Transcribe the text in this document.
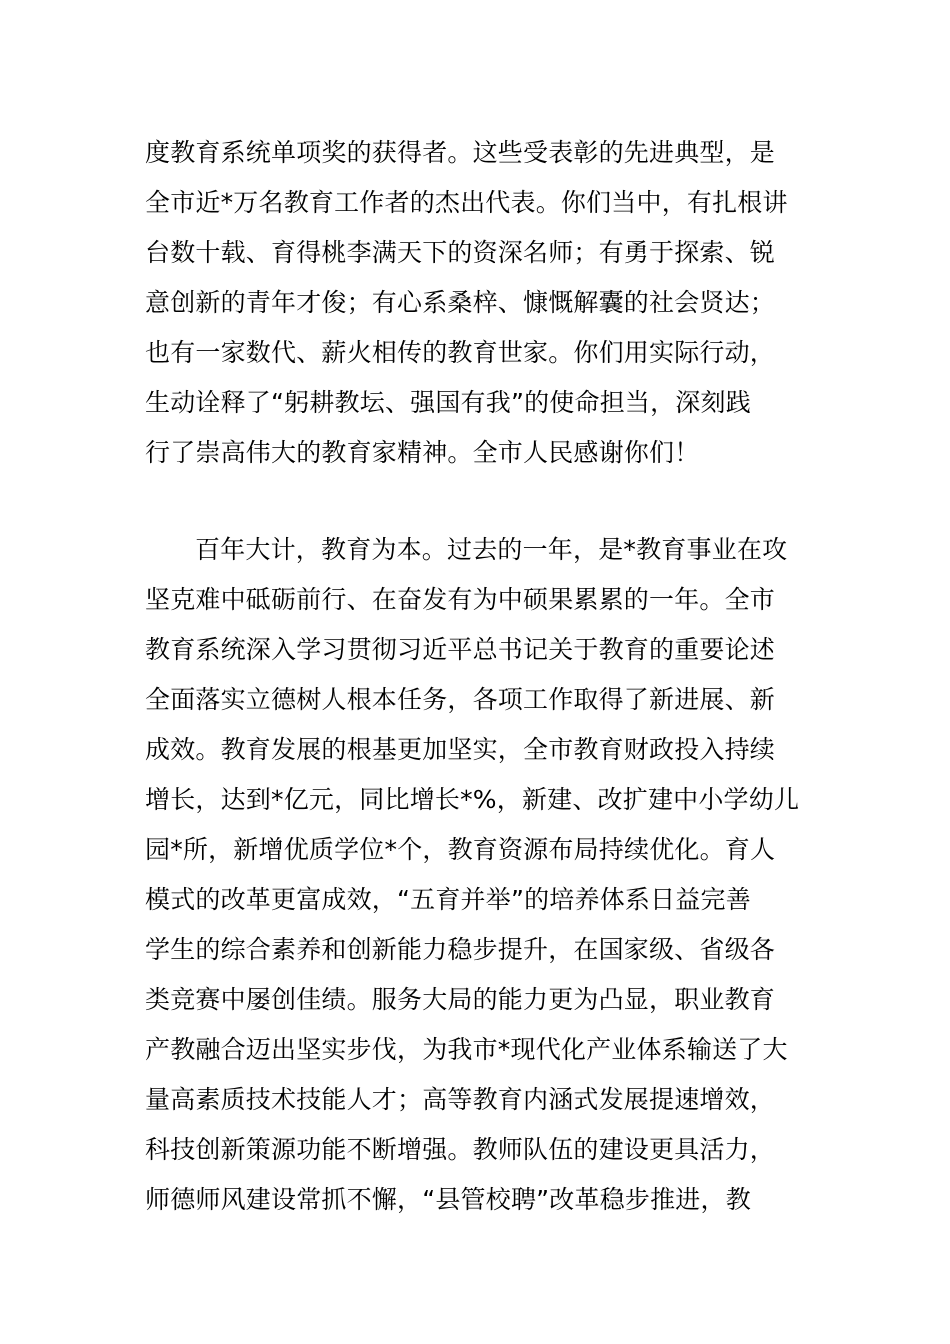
度教育系统单项奖的获得者。这些受表彰的先进典型，是
全市近*万名教育工作者的杰出代表。你们当中，有扎根讲
台数十载、育得桃李满天下的资深名师；有勇于探索、锐
意创新的青年才俊；有心系桑梓、慷慨解囊的社会贤达；
也有一家数代、薪火相传的教育世家。你们用实际行动，
生动诠释了“躬耕教坛、强国有我”的使命担当，深刻践
行了崇高伟大的教育家精神。全市人民感谢你们！
百年大计，教育为本。过去的一年，是*教育事业在攻
坚克难中砥砺前行、在奋发有为中硕果累累的一年。全市
教育系统深入学习贯彻习近平总书记关于教育的重要论述
全面落实立德树人根本任务，各项工作取得了新进展、新
成效。教育发展的根基更加坚实，全市教育财政投入持续
增长，达到*亿元，同比增长*%，新建、改扩建中小学幼儿
园*所，新增优质学位*个，教育资源布局持续优化。育人
模式的改革更富成效，“五育并举”的培养体系日益完善
学生的综合素养和创新能力稳步提升，在国家级、省级各
类竞赛中屡创佳绩。服务大局的能力更为凸显，职业教育
产教融合迈出坚实步伐，为我市*现代化产业体系输送了大
量高素质技术技能人才；高等教育内涵式发展提速增效，
科技创新策源功能不断增强。教师队伍的建设更具活力，
师德师风建设常抓不懈，“县管校聘”改革稳步推进，教
